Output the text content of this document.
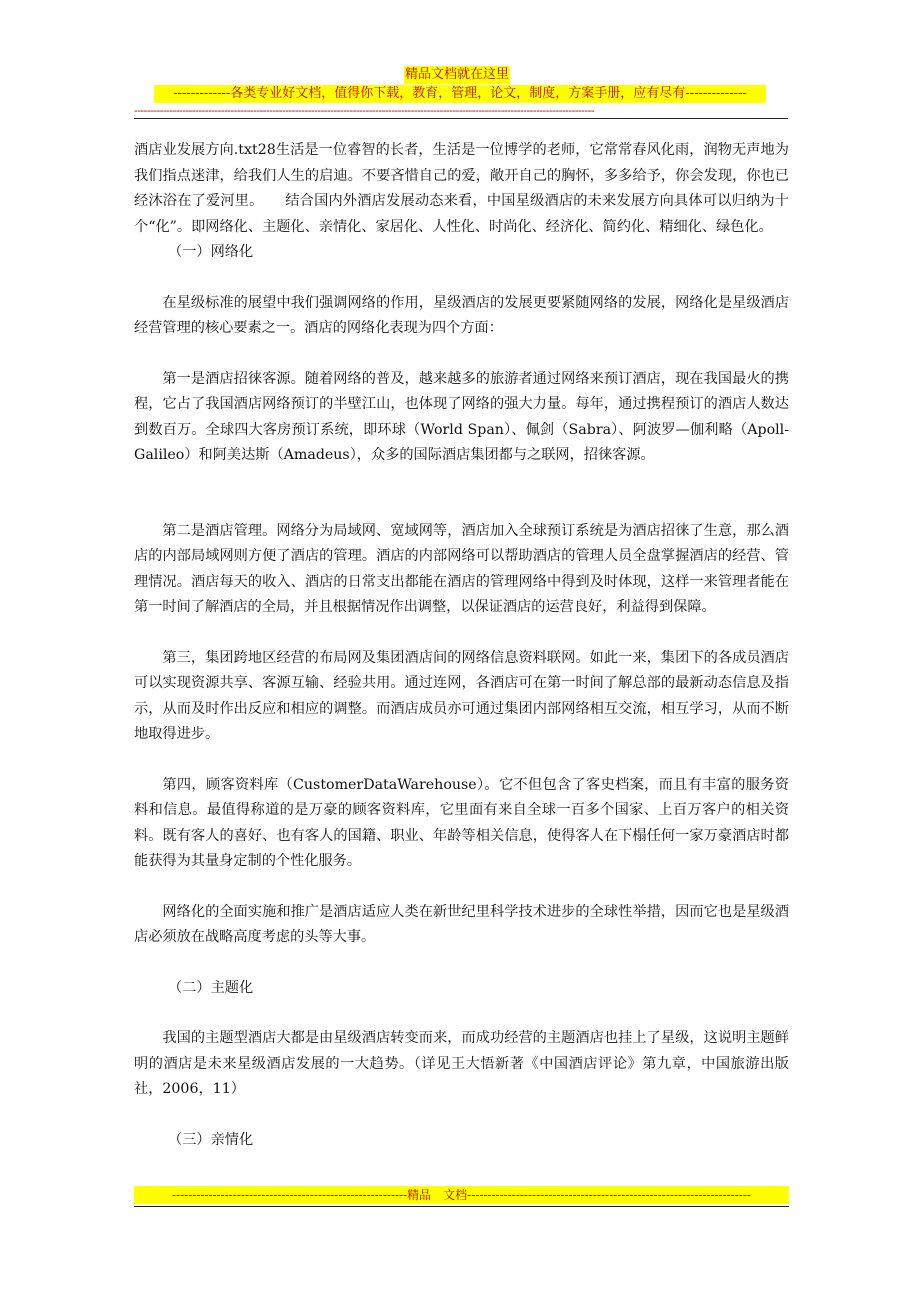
精品文档就在这里
-------------各类专业好文档，值得你下载，教育，管理，论文，制度，方案手册，应有尽有--------------
-----------------------------------------------------------------------------------------------------------------------------------------------

酒店业发展方向.txt28生活是一位睿智的长者，生活是一位博学的老师，它常常春风化雨，润物无声地为我们指点迷津，给我们人生的启迪。不要吝惜自己的爱，敞开自己的胸怀，多多给予，你会发现，你也已经沐浴在了爱河里。　　结合国内外酒店发展动态来看，中国星级酒店的未来发展方向具体可以归纳为十个“化”。即网络化、主题化、亲情化、家居化、人性化、时尚化、经济化、简约化、精细化、绿色化。

（一）网络化

在星级标准的展望中我们强调网络的作用，星级酒店的发展更要紧随网络的发展，网络化是星级酒店经营管理的核心要素之一。酒店的网络化表现为四个方面：

第一是酒店招徕客源。随着网络的普及，越来越多的旅游者通过网络来预订酒店，现在我国最火的携程，它占了我国酒店网络预订的半壁江山，也体现了网络的强大力量。每年，通过携程预订的酒店人数达到数百万。全球四大客房预订系统，即环球（World Span）、佩剑（Sabra）、阿波罗—伽利略（Apoll-Galileo）和阿美达斯（Amadeus），众多的国际酒店集团都与之联网，招徕客源。

第二是酒店管理。网络分为局域网、宽域网等，酒店加入全球预订系统是为酒店招徕了生意，那么酒店的内部局域网则方便了酒店的管理。酒店的内部网络可以帮助酒店的管理人员全盘掌握酒店的经营、管理情况。酒店每天的收入、酒店的日常支出都能在酒店的管理网络中得到及时体现，这样一来管理者能在第一时间了解酒店的全局，并且根据情况作出调整，以保证酒店的运营良好，利益得到保障。

第三，集团跨地区经营的布局网及集团酒店间的网络信息资料联网。如此一来，集团下的各成员酒店可以实现资源共享、客源互输、经验共用。通过连网，各酒店可在第一时间了解总部的最新动态信息及指示，从而及时作出反应和相应的调整。而酒店成员亦可通过集团内部网络相互交流，相互学习，从而不断地取得进步。

第四，顾客资料库（CustomerDataWarehouse）。它不但包含了客史档案，而且有丰富的服务资料和信息。最值得称道的是万豪的顾客资料库，它里面有来自全球一百多个国家、上百万客户的相关资料。既有客人的喜好、也有客人的国籍、职业、年龄等相关信息，使得客人在下榻任何一家万豪酒店时都能获得为其量身定制的个性化服务。

网络化的全面实施和推广是酒店适应人类在新世纪里科学技术进步的全球性举措，因而它也是星级酒店必须放在战略高度考虑的头等大事。

（二）主题化

我国的主题型酒店大都是由星级酒店转变而来，而成功经营的主题酒店也挂上了星级，这说明主题鲜明的酒店是未来星级酒店发展的一大趋势。（详见王大悟新著《中国酒店评论》第九章，中国旅游出版社，2006，11）

（三）亲情化

----------------------------------------------------------精品　文档----------------------------------------------------------------------
